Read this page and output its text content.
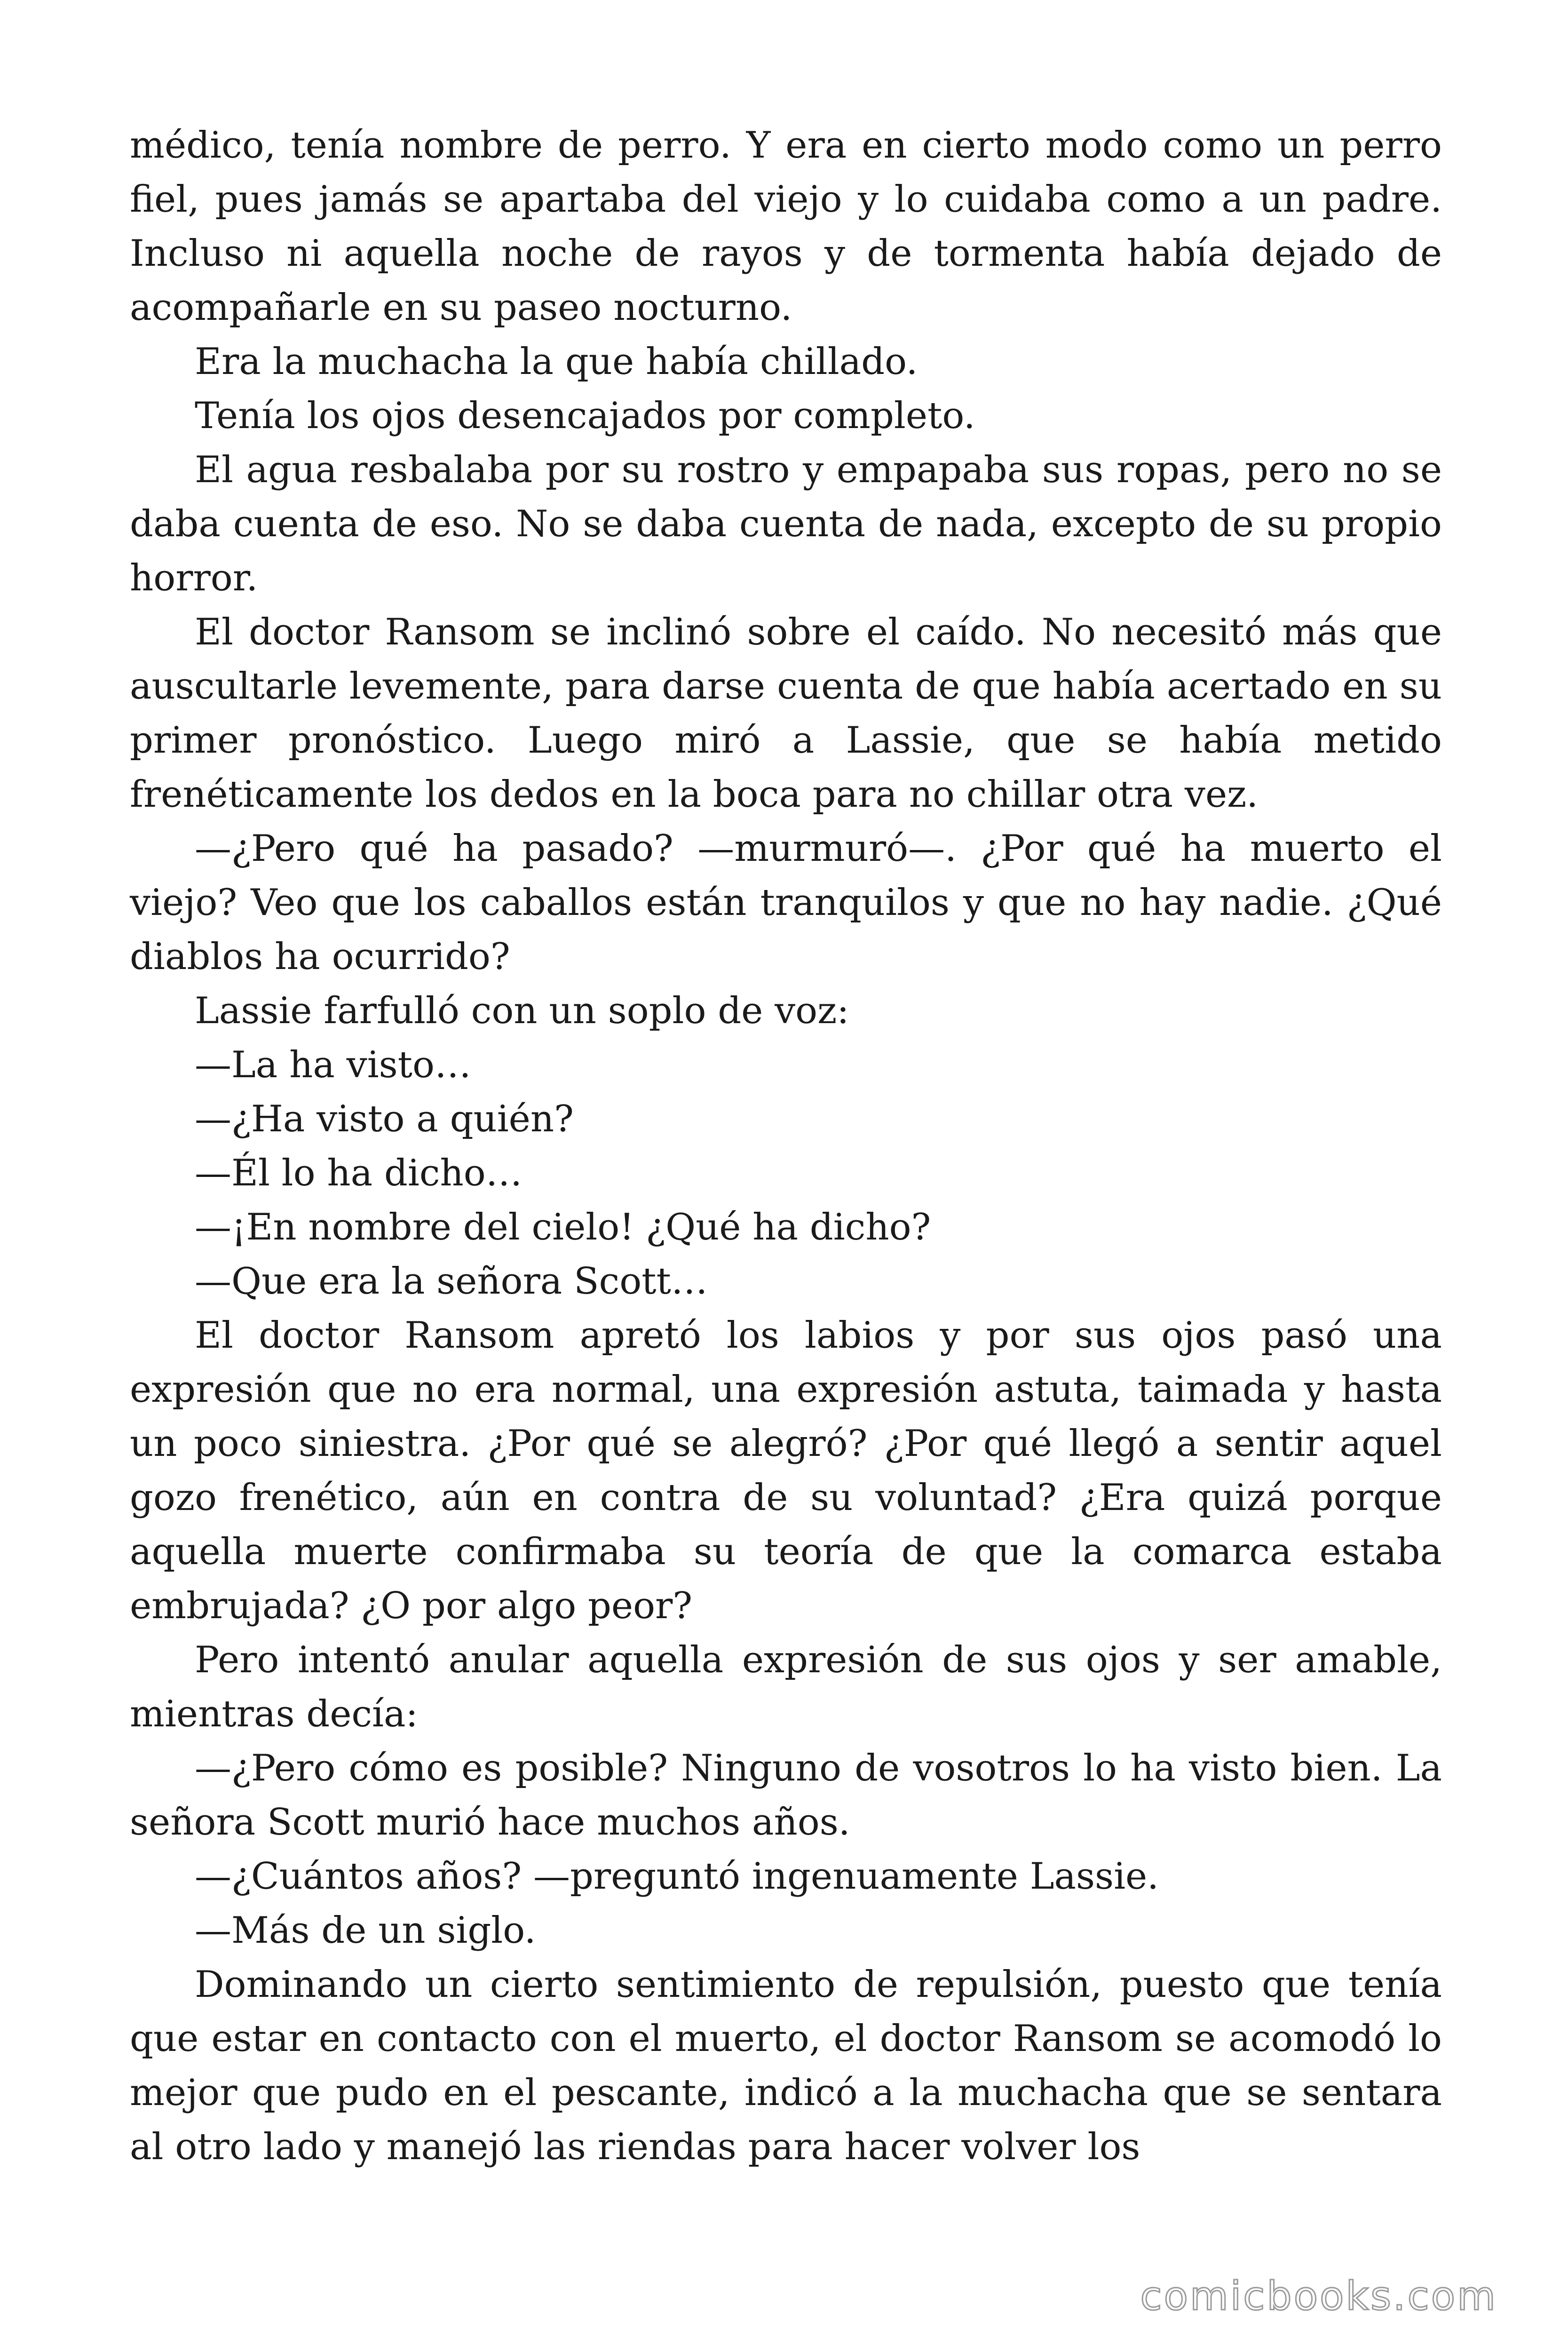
médico, tenía nombre de perro. Y era en cierto modo como un perro fiel, pues jamás se apartaba del viejo y lo cuidaba como a un padre. Incluso ni aquella noche de rayos y de tormenta había dejado de acompañarle en su paseo nocturno.

Era la muchacha la que había chillado.

Tenía los ojos desencajados por completo.

El agua resbalaba por su rostro y empapaba sus ropas, pero no se daba cuenta de eso. No se daba cuenta de nada, excepto de su propio horror.

El doctor Ransom se inclinó sobre el caído. No necesitó más que auscultarle levemente, para darse cuenta de que había acertado en su primer pronóstico. Luego miró a Lassie, que se había metido frenéticamente los dedos en la boca para no chillar otra vez.

—¿Pero qué ha pasado? —murmuró—. ¿Por qué ha muerto el viejo? Veo que los caballos están tranquilos y que no hay nadie. ¿Qué diablos ha ocurrido?

Lassie farfulló con un soplo de voz:

—La ha visto…

—¿Ha visto a quién?

—Él lo ha dicho…

—¡En nombre del cielo! ¿Qué ha dicho?

—Que era la señora Scott…

El doctor Ransom apretó los labios y por sus ojos pasó una expresión que no era normal, una expresión astuta, taimada y hasta un poco siniestra. ¿Por qué se alegró? ¿Por qué llegó a sentir aquel gozo frenético, aún en contra de su voluntad? ¿Era quizá porque aquella muerte confirmaba su teoría de que la comarca estaba embrujada? ¿O por algo peor?

Pero intentó anular aquella expresión de sus ojos y ser amable, mientras decía:

—¿Pero cómo es posible? Ninguno de vosotros lo ha visto bien. La señora Scott murió hace muchos años.

—¿Cuántos años? —preguntó ingenuamente Lassie.

—Más de un siglo.

Dominando un cierto sentimiento de repulsión, puesto que tenía que estar en contacto con el muerto, el doctor Ransom se acomodó lo mejor que pudo en el pescante, indicó a la muchacha que se sentara al otro lado y manejó las riendas para hacer volver los

comicbooks.com
